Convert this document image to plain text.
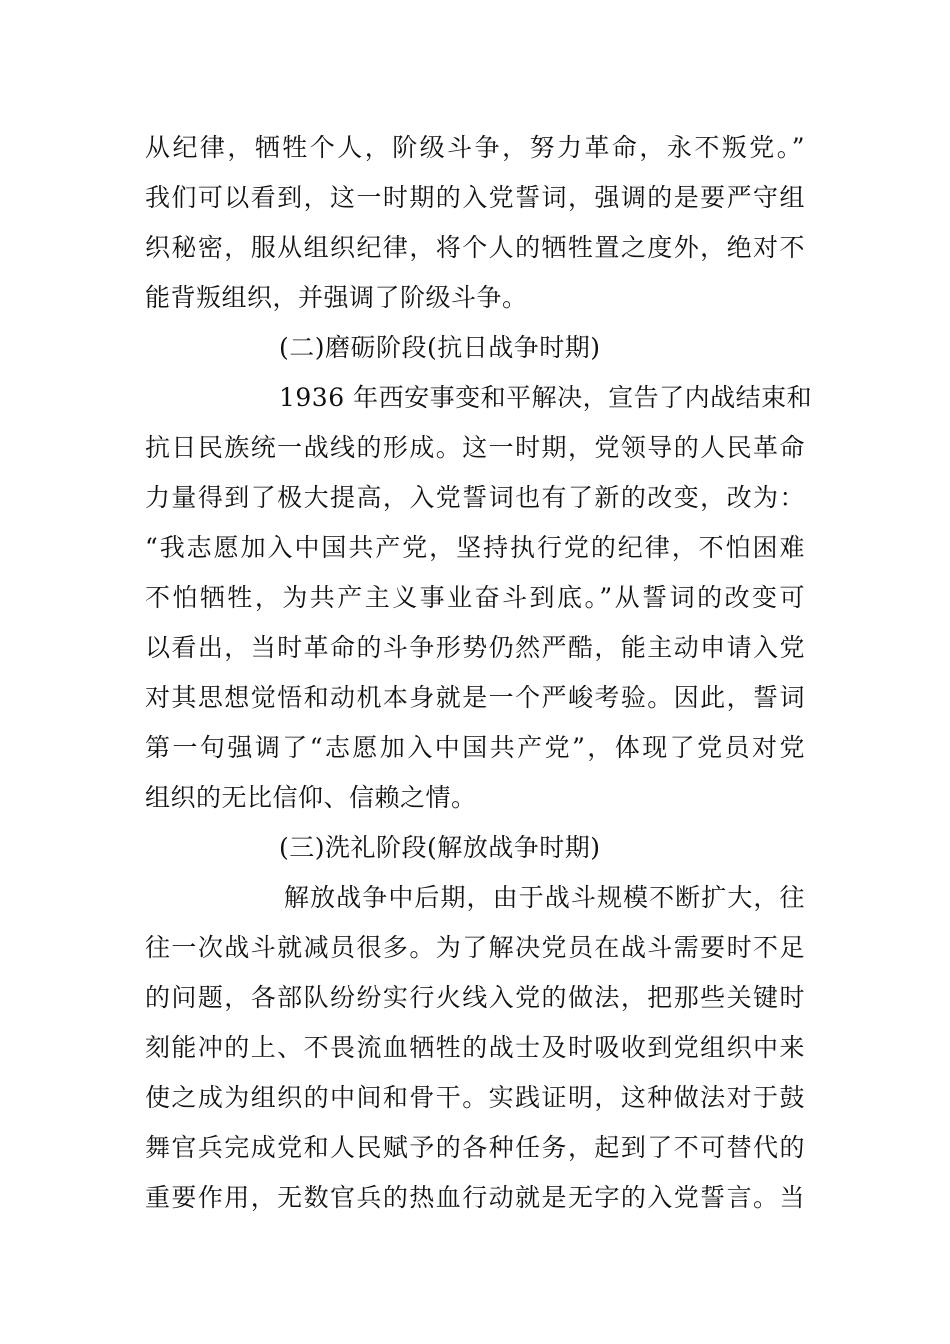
从纪律，牺牲个人，阶级斗争，努力革命，永不叛党。”
我们可以看到，这一时期的入党誓词，强调的是要严守组
织秘密，服从组织纪律，将个人的牺牲置之度外，绝对不
能背叛组织，并强调了阶级斗争。
(二)磨砺阶段(抗日战争时期)
1936 年西安事变和平解决，宣告了内战结束和
抗日民族统一战线的形成。这一时期，党领导的人民革命
力量得到了极大提高，入党誓词也有了新的改变，改为：
“我志愿加入中国共产党，坚持执行党的纪律，不怕困难
不怕牺牲，为共产主义事业奋斗到底。”从誓词的改变可
以看出，当时革命的斗争形势仍然严酷，能主动申请入党
对其思想觉悟和动机本身就是一个严峻考验。因此，誓词
第一句强调了“志愿加入中国共产党”，体现了党员对党
组织的无比信仰、信赖之情。
(三)洗礼阶段(解放战争时期)
解放战争中后期，由于战斗规模不断扩大，往
往一次战斗就减员很多。为了解决党员在战斗需要时不足
的问题，各部队纷纷实行火线入党的做法，把那些关键时
刻能冲的上、不畏流血牺牲的战士及时吸收到党组织中来
使之成为组织的中间和骨干。实践证明，这种做法对于鼓
舞官兵完成党和人民赋予的各种任务，起到了不可替代的
重要作用，无数官兵的热血行动就是无字的入党誓言。当
